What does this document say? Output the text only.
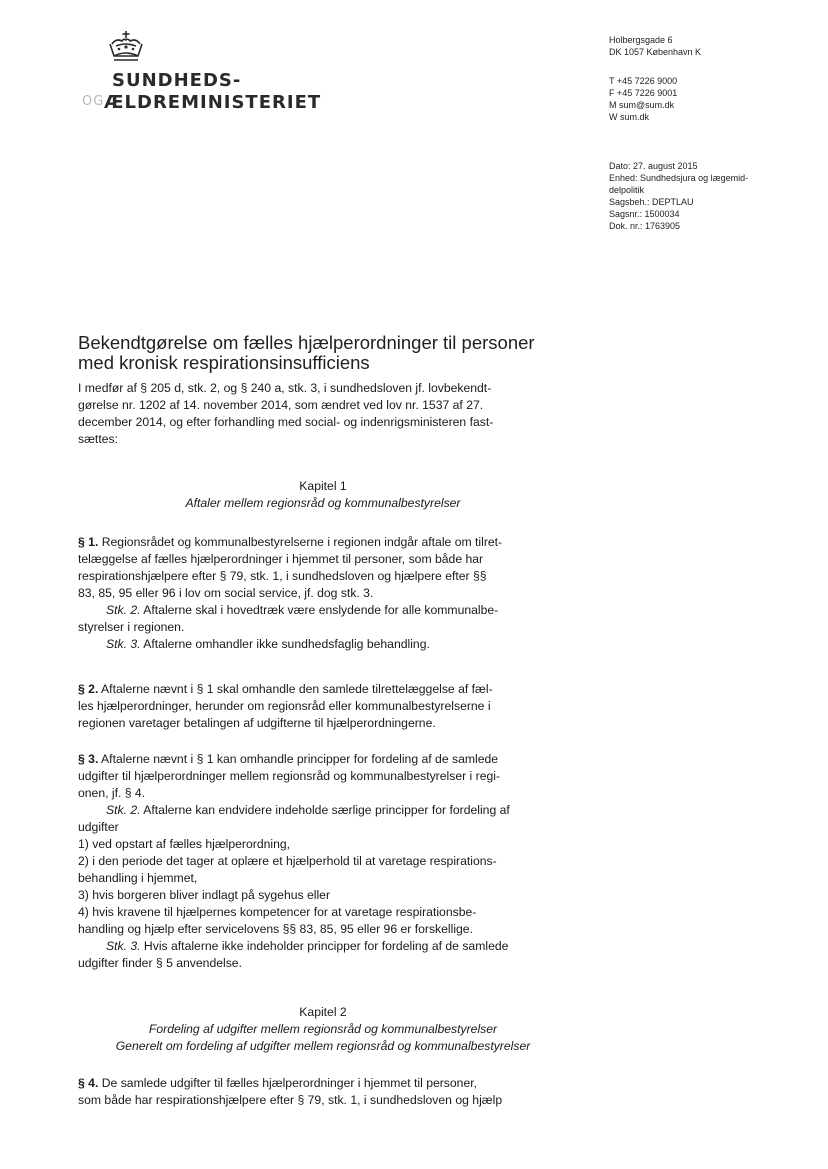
SUNDHEDS-
OG ÆLDREMINISTERIET
Holbergsgade 6
DK 1057 København K
T +45 7226 9000
F +45 7226 9001
M sum@sum.dk
W sum.dk
Dato: 27. august 2015
Enhed: Sundhedsjura og lægemid-
delpolitik
Sagsbeh.: DEPTLAU
Sagsnr.: 1500034
Dok. nr.: 1763905
Bekendtgørelse om fælles hjælperordninger til personer
med kronisk respirationsinsufficiens

I medfør af § 205 d, stk. 2, og § 240 a, stk. 3, i sundhedsloven jf. lovbekendt-

gørelse nr. 1202 af 14. november 2014, som ændret ved lov nr. 1537 af 27.

december 2014, og efter forhandling med social- og indenrigsministeren fast-

sættes:

Kapitel 1

Aftaler mellem regionsråd og kommunalbestyrelser

§ 1. Regionsrådet og kommunalbestyrelserne i regionen indgår aftale om tilret-

telæggelse af fælles hjælperordninger i hjemmet til personer, som både har

respirationshjælpere efter § 79, stk. 1, i sundhedsloven og hjælpere efter §§

83, 85, 95 eller 96 i lov om social service, jf. dog stk. 3.

Stk. 2. Aftalerne skal i hovedtræk være enslydende for alle kommunalbe-

styrelser i regionen.

Stk. 3. Aftalerne omhandler ikke sundhedsfaglig behandling.

§ 2. Aftalerne nævnt i § 1 skal omhandle den samlede tilrettelæggelse af fæl-

les hjælperordninger, herunder om regionsråd eller kommunalbestyrelserne i

regionen varetager betalingen af udgifterne til hjælperordningerne.

§ 3. Aftalerne nævnt i § 1 kan omhandle principper for fordeling af de samlede

udgifter til hjælperordninger mellem regionsråd og kommunalbestyrelser i regi-

onen, jf. § 4.

Stk. 2. Aftalerne kan endvidere indeholde særlige principper for fordeling af

udgifter

1) ved opstart af fælles hjælperordning,

2) i den periode det tager at oplære et hjælperhold til at varetage respirations-

behandling i hjemmet,

3) hvis borgeren bliver indlagt på sygehus eller

4) hvis kravene til hjælpernes kompetencer for at varetage respirationsbe-

handling og hjælp efter servicelovens §§ 83, 85, 95 eller 96 er forskellige.

Stk. 3. Hvis aftalerne ikke indeholder principper for fordeling af de samlede

udgifter finder § 5 anvendelse.

Kapitel 2

Fordeling af udgifter mellem regionsråd og kommunalbestyrelser

Generelt om fordeling af udgifter mellem regionsråd og kommunalbestyrelser

§ 4. De samlede udgifter til fælles hjælperordninger i hjemmet til personer,

som både har respirationshjælpere efter § 79, stk. 1, i sundhedsloven og hjælp
